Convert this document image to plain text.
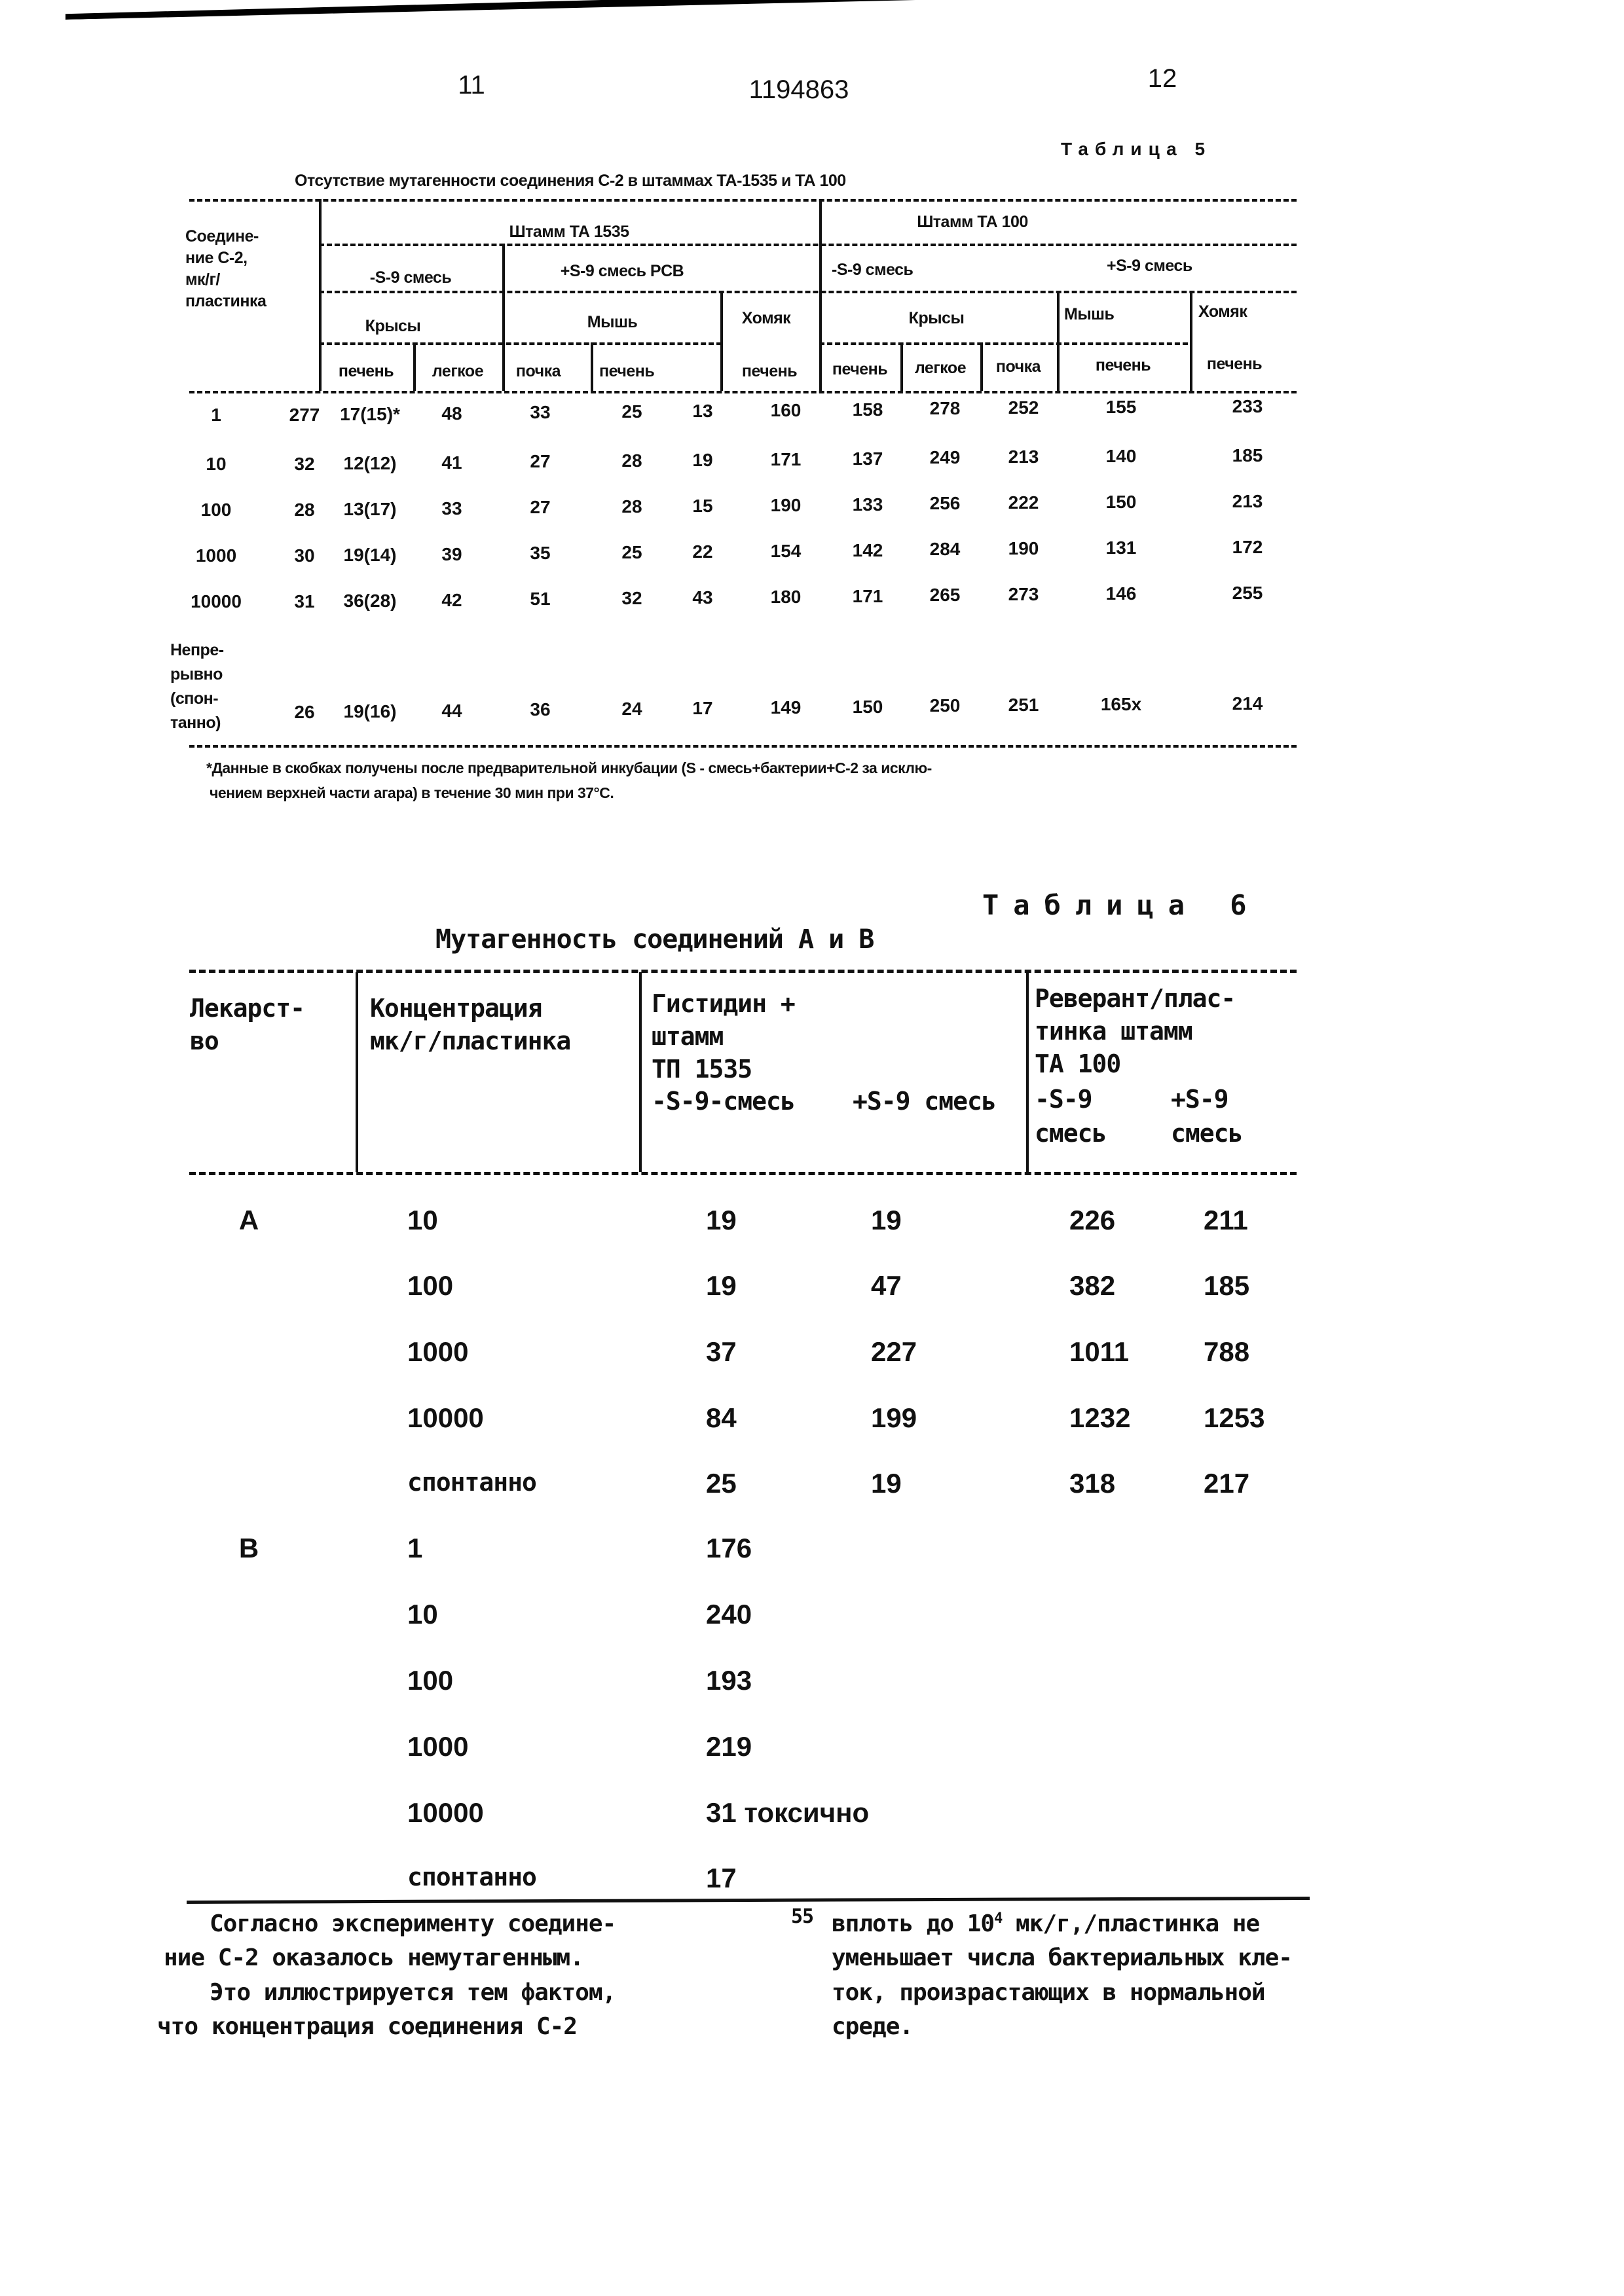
11	1194863	12
Таблица 5
Отсутствие мутагенности соединения С-2 в штаммах ТА-1535 и ТА 100
Соедине-
ние С-2,
мк/г/
пластинка
Штамм ТА 1535
Штамм ТА 100
-S-9 смесь	+S-9 смесь PCB	-S-9 смесь	+S-9 смесь
Крысы	Мышь	Хомяк	Крысы	Мышь	Хомяк
печень легкое почка печень	печень печень легкое почка	печень	печень
1	277 17(15)* 48	33	25	13	160	158	278	252	155	233
10	32 12(12) 41	27	28	19	171	137	249	213	140	185
100	28 13(17) 33	27	28	15	190	133	256	222	150	213
1000	30 19(14) 39	35	25	22	154	142	284	190	131	172
10000	31 36(28) 42	51	32	43	180	171	265	273	146	255
Непре-
рывно
(спон-
танно)
26 19(16) 44	36	24	17	149	150	250	251	165x	214
*Данные в скобках получены после предварительной инкубации (S - смесь+бактерии+С-2 за исклю-
чением верхней части агара) в течение 30 мин при 37°С.
Таблица 6
Мутагенность соединений А и В
Лекарст-
во
Концентрация
мк/г/пластинка
Гистидин +
штамм
ТП 1535
-S-9-смесь +S-9 смесь
Реверант/плас-
тинка штамм
ТА 100
-S-9
смесь
+S-9
смесь
A	10	19	19	226	211
100	19	47	382	185
1000	37	227	1011	788
10000	84	199	1232	1253
спонтанно	25	19	318	217
B	1	176
10	240
100	193
1000	219
10000	31 токсично
спонтанно	17
Согласно эксперименту соедине-
ние С-2 оказалось немутагенным.
Это иллюстрируется тем фактом,
что концентрация соединения С-2
55 вплоть до 104 мк/г,/пластинка не
уменьшает числа бактериальных кле-
ток, произрастающих в нормальной
среде.
